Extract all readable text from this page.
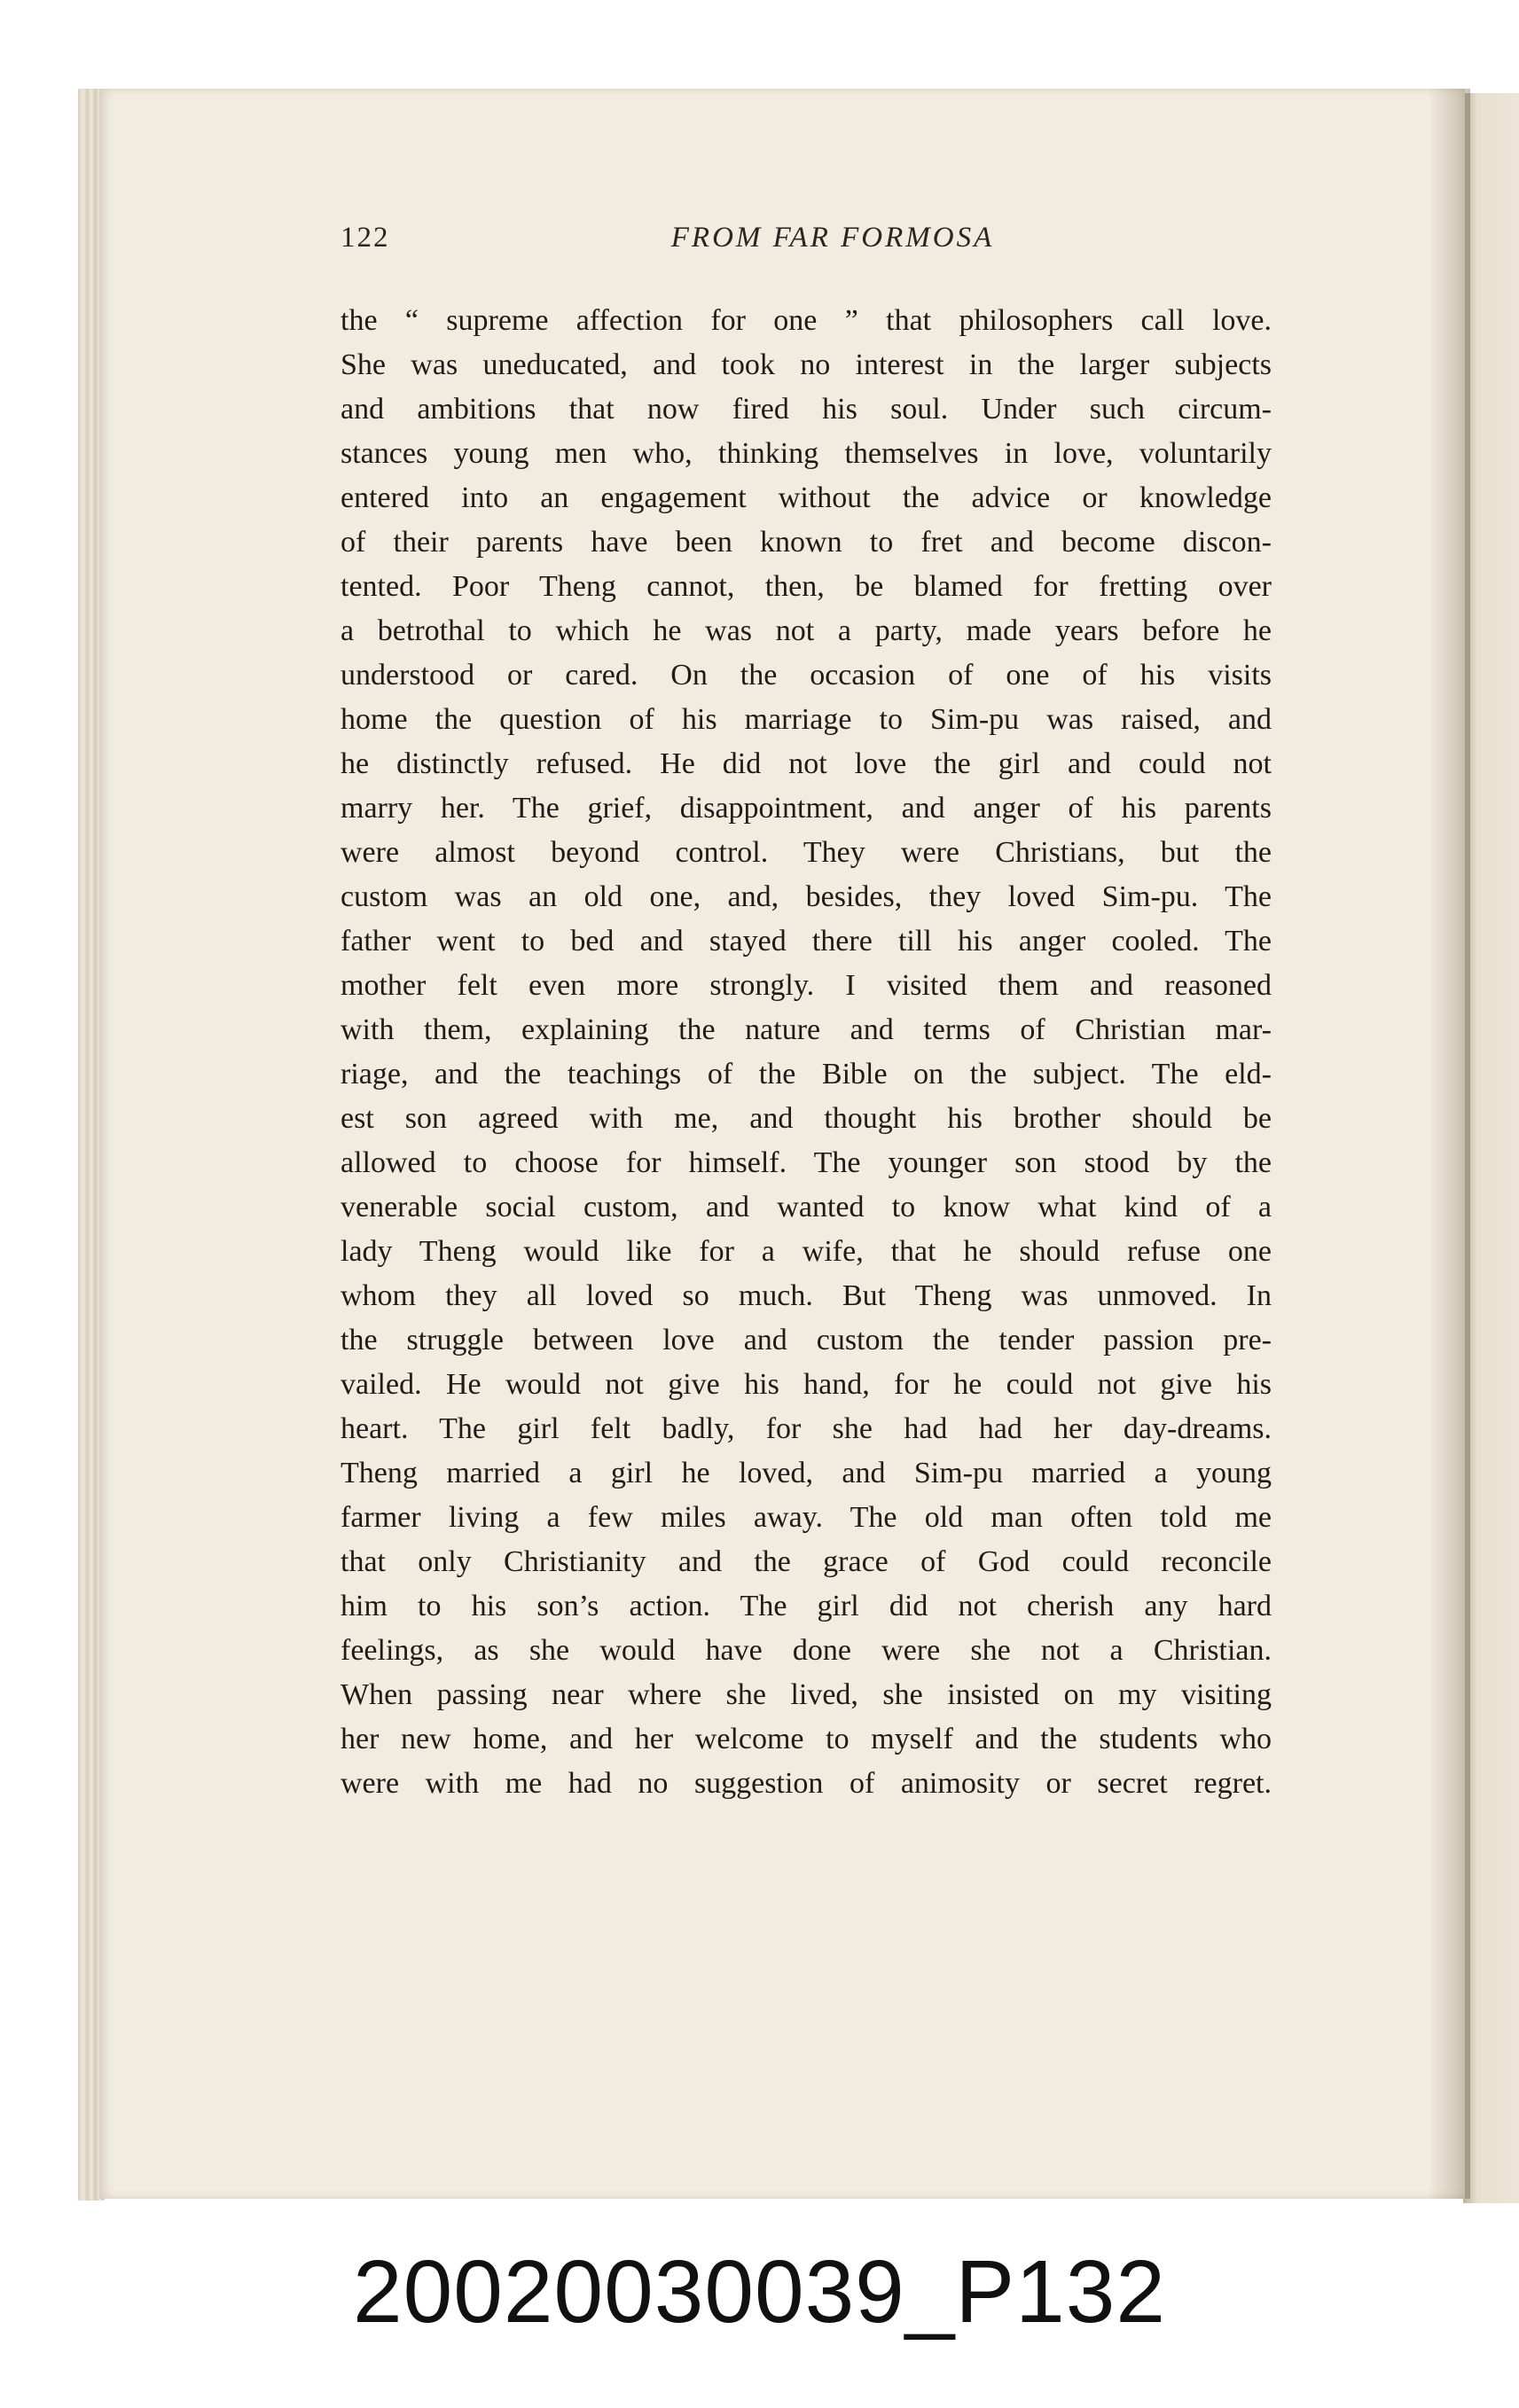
122	FROM FAR FORMOSA
the “ supreme affection for one ” that philosophers call love.
She was uneducated, and took no interest in the larger subjects
and ambitions that now fired his soul. Under such circum-
stances young men who, thinking themselves in love, voluntarily
entered into an engagement without the advice or knowledge
of their parents have been known to fret and become discon-
tented. Poor Theng cannot, then, be blamed for fretting over
a betrothal to which he was not a party, made years before he
understood or cared. On the occasion of one of his visits
home the question of his marriage to Sim-pu was raised, and
he distinctly refused. He did not love the girl and could not
marry her. The grief, disappointment, and anger of his parents
were almost beyond control. They were Christians, but the
custom was an old one, and, besides, they loved Sim-pu. The
father went to bed and stayed there till his anger cooled. The
mother felt even more strongly. I visited them and reasoned
with them, explaining the nature and terms of Christian mar-
riage, and the teachings of the Bible on the subject. The eld-
est son agreed with me, and thought his brother should be
allowed to choose for himself. The younger son stood by the
venerable social custom, and wanted to know what kind of a
lady Theng would like for a wife, that he should refuse one
whom they all loved so much. But Theng was unmoved. In
the struggle between love and custom the tender passion pre-
vailed. He would not give his hand, for he could not give his
heart. The girl felt badly, for she had had her day-dreams.
Theng married a girl he loved, and Sim-pu married a young
farmer living a few miles away. The old man often told me
that only Christianity and the grace of God could reconcile
him to his son’s action. The girl did not cherish any hard
feelings, as she would have done were she not a Christian.
When passing near where she lived, she insisted on my visiting
her new home, and her welcome to myself and the students who
were with me had no suggestion of animosity or secret regret.
20020030039_P132
